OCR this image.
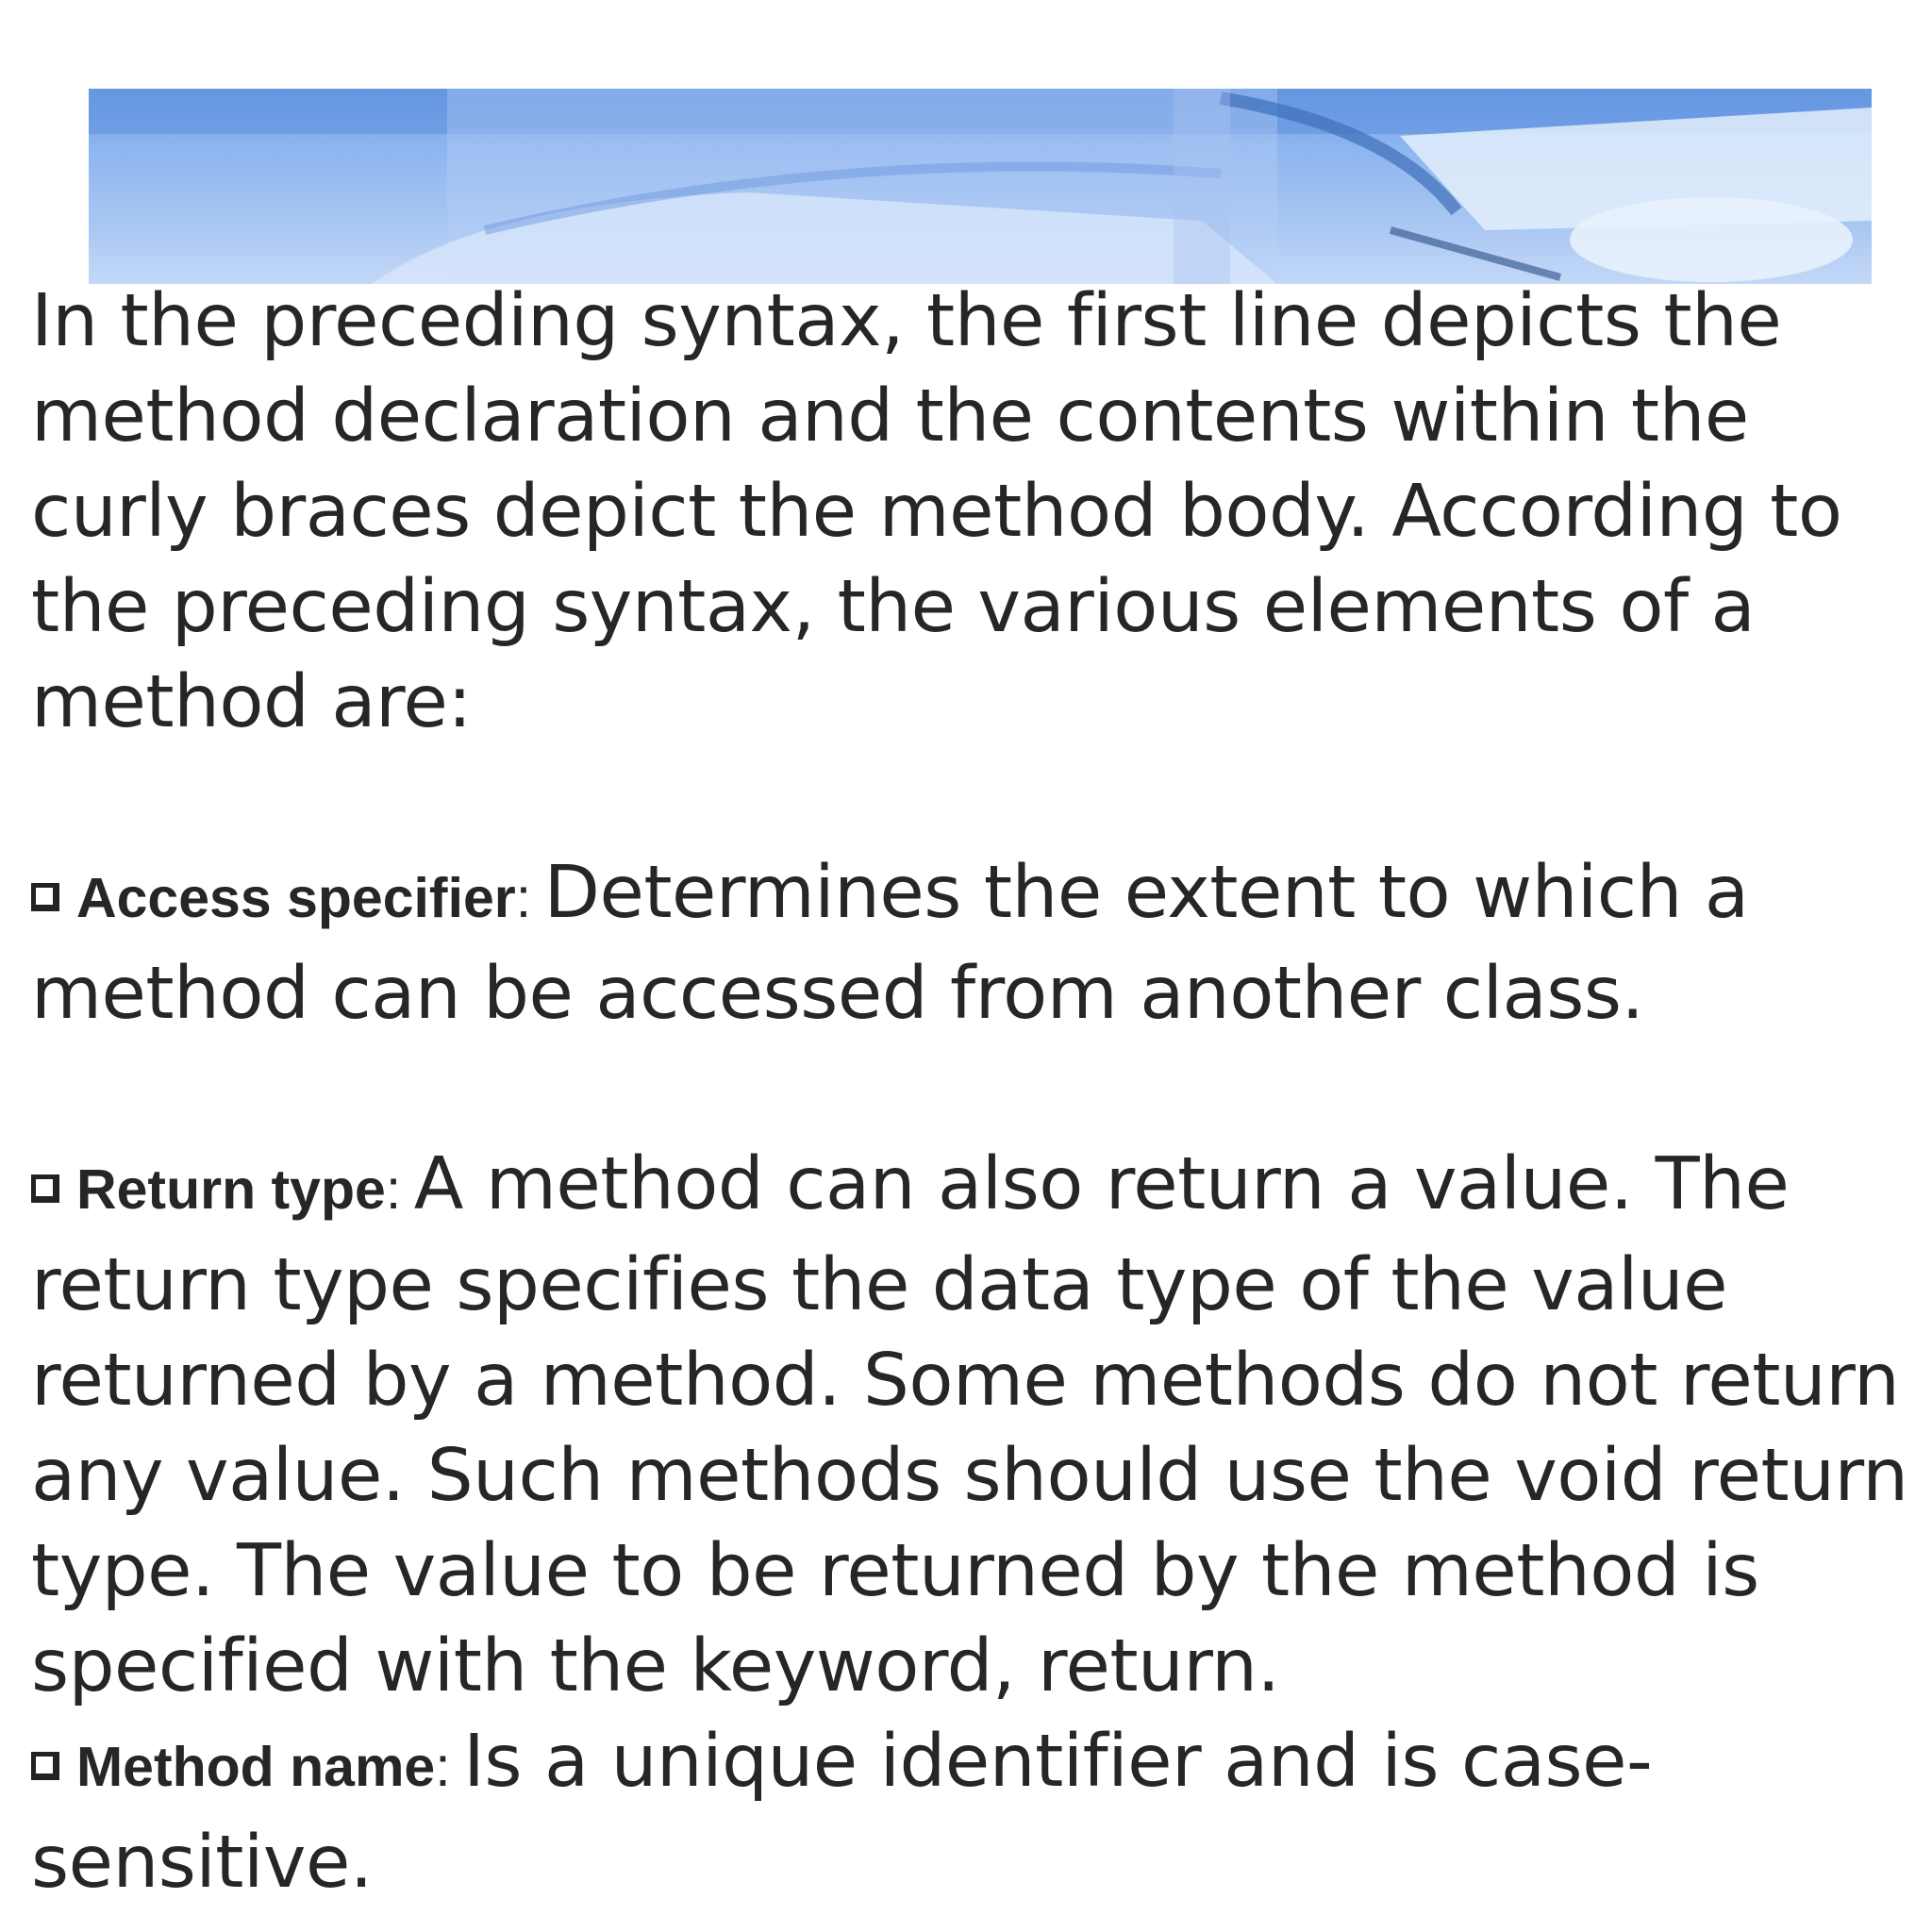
In the preceding syntax, the first line depicts the method declaration and the contents within the curly braces depict the method body. According to the preceding syntax, the various elements of a method are:

Access specifier: Determines the extent to which a method can be accessed from another class.

Return type: A method can also return a value. The return type specifies the data type of the value returned by a method. Some methods do not return any value. Such methods should use the void return type. The value to be returned by the method is specified with the keyword, return.

Method name: Is a unique identifier and is case-sensitive.
